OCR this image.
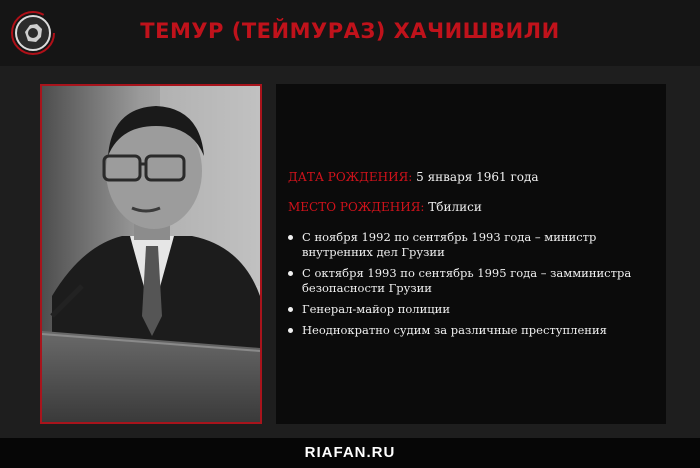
ТЕМУР (ТЕЙМУРАЗ) ХАЧИШВИЛИ
ДАТА РОЖДЕНИЯ: 5 января 1961 года
МЕСТО РОЖДЕНИЯ: Тбилиси
С ноября 1992 по сентябрь 1993 года – министр внутренних дел Грузии
С октября 1993 по сентябрь 1995 года – замминистра безопасности Грузии
Генерал-майор полиции
Неоднократно судим за различные преступления
RIAFAN.RU
